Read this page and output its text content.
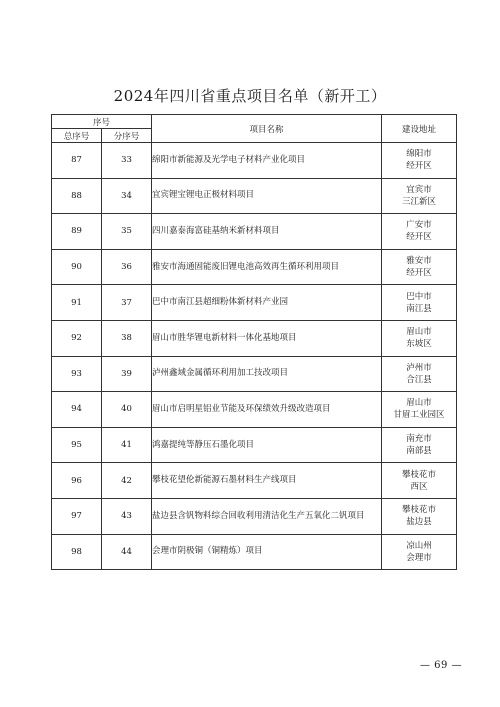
2024年四川省重点项目名单（新开工）
序号		项目名称	建设地址
总序号	分序号		
87	33	绵阳市新能源及光学电子材料产业化项目	绵阳市
经开区

88	34	宜宾锂宝锂电正极材料项目	宜宾市
三江新区

89	35	四川嘉泰海富硅基纳米新材料项目	广安市
经开区

90	36	雅安市海通固能废旧锂电池高效再生循环利用项目	雅安市
经开区

91	37	巴中市南江县超细粉体新材料产业园	巴中市
南江县

92	38	眉山市胜华锂电新材料一体化基地项目	眉山市
东坡区

93	39	泸州鑫域金属循环利用加工技改项目	泸州市
合江县

94	40	眉山市启明星铝业节能及环保绩效升级改造项目	眉山市
甘眉工业园区

95	41	鸿嘉提纯等静压石墨化项目	南充市
南部县

96	42	攀枝花望伦新能源石墨材料生产线项目	攀枝花市
西区

97	43	盐边县含钒物料综合回收利用清洁化生产五氧化二钒项目	攀枝花市
盐边县

98	44	会理市阴极铜（铜精炼）项目	凉山州
会理市
— 69 —
